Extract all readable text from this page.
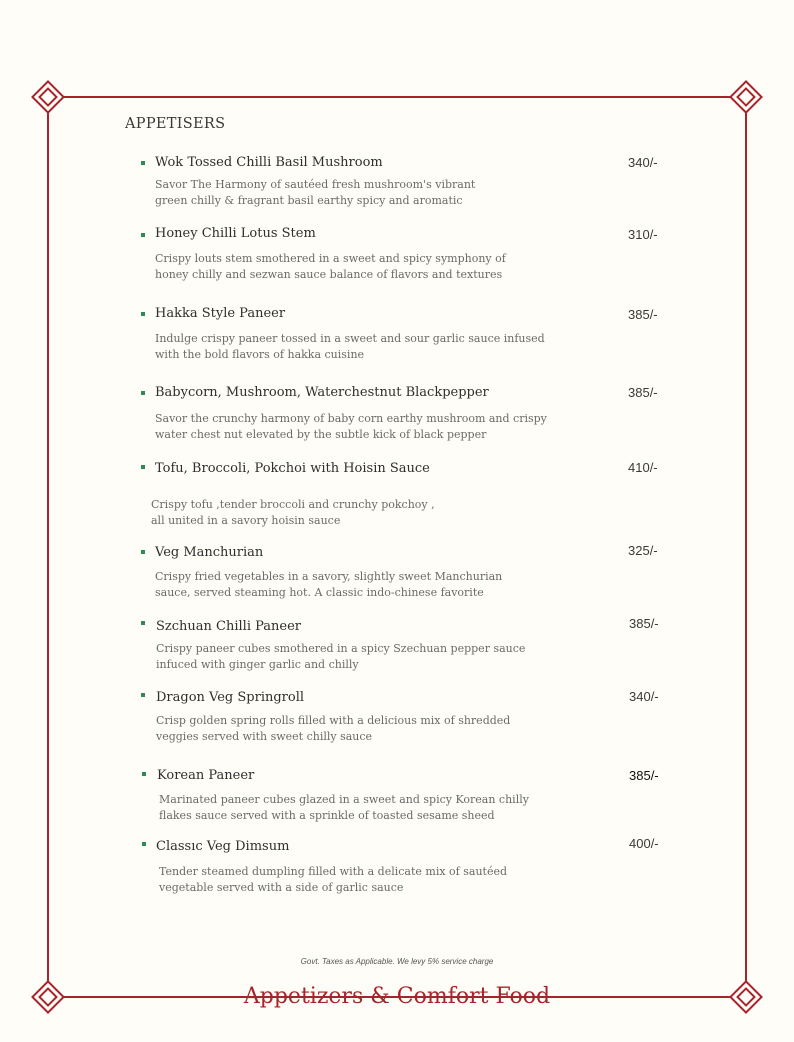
APPETISERS
Wok Tossed Chilli Basil Mushroom	340/-
Savor The Harmony of sautéed fresh mushroom's vibrant
green chilly & fragrant basil earthy spicy and aromatic
Honey Chilli Lotus Stem	310/-
Crispy louts stem smothered in a sweet and spicy symphony of
honey chilly and sezwan sauce balance of flavors and textures
Hakka Style Paneer	385/-
Indulge crispy paneer tossed in a sweet and sour garlic sauce infused
with the bold flavors of hakka cuisine
Babycorn, Mushroom, Waterchestnut Blackpepper	385/-
Savor the crunchy harmony of baby corn earthy mushroom and crispy
water chest nut elevated by the subtle kick of black pepper
Tofu, Broccoli, Pokchoi with Hoisin Sauce	410/-
Crispy tofu ,tender broccoli and crunchy pokchoy ,
all united in a savory hoisin sauce
Veg Manchurian	325/-
Crispy fried vegetables in a savory, slightly sweet Manchurian
sauce, served steaming hot. A classic indo-chinese favorite
Szchuan Chilli Paneer	385/-
Crispy paneer cubes smothered in a spicy Szechuan pepper sauce
infuced with ginger garlic and chilly
Dragon Veg Springroll	340/-
Crisp golden spring rolls filled with a delicious mix of shredded
veggies served with sweet chilly sauce
Korean Paneer	385/-
Marinated paneer cubes glazed in a sweet and spicy Korean chilly
flakes sauce served with a sprinkle of toasted sesame sheed
Classıc Veg Dimsum	400/-
Tender steamed dumpling filled with a delicate mix of sautéed
vegetable served with a side of garlic sauce
Govt. Taxes as Applicable. We levy 5% service charge
Appetizers & Comfort Food
